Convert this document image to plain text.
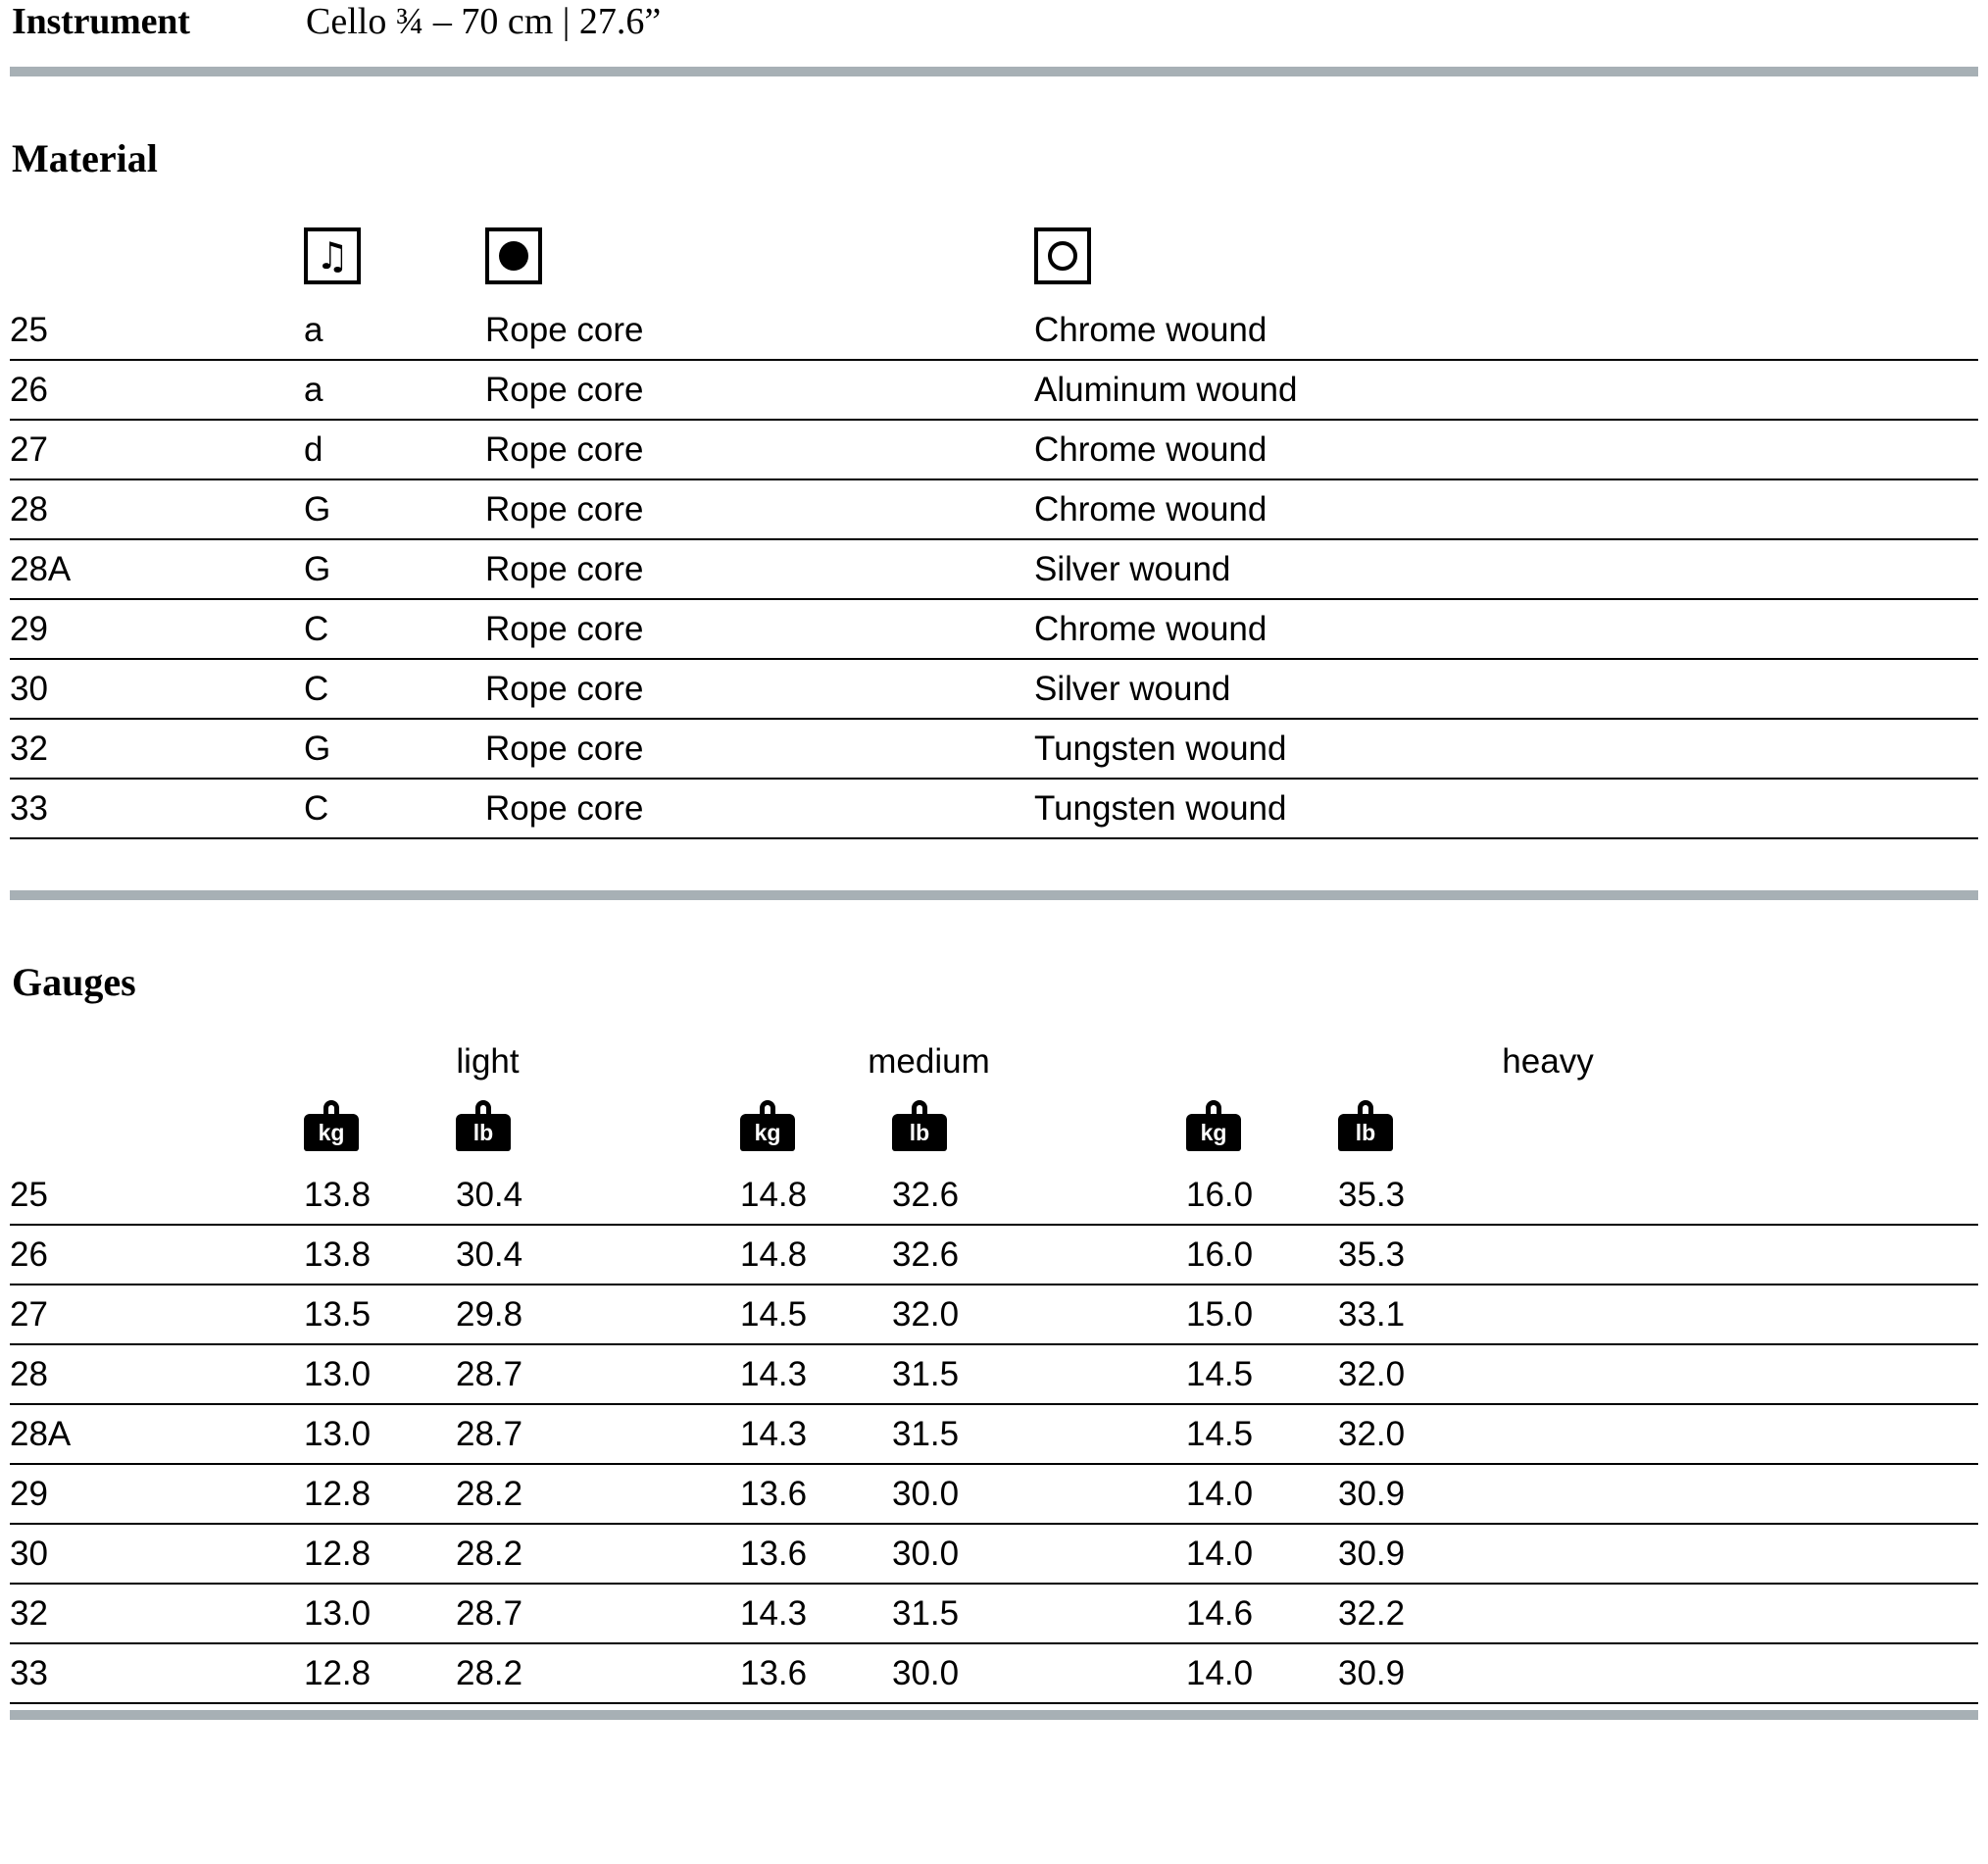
Instrument	Cello ¾ – 70 cm | 27.6”
Material
	♫		
25	a	Rope core	Chrome wound
26	a	Rope core	Aluminum wound
27	d	Rope core	Chrome wound
28	G	Rope core	Chrome wound
28A	G	Rope core	Silver wound
29	C	Rope core	Chrome wound
30	C	Rope core	Silver wound
32	G	Rope core	Tungsten wound
33	C	Rope core	Tungsten wound
Gauges
	light		medium		heavy	

	kg	lb	kg	lb	kg	lb

25	13.8	30.4	14.8	32.6	16.0	35.3
26	13.8	30.4	14.8	32.6	16.0	35.3
27	13.5	29.8	14.5	32.0	15.0	33.1
28	13.0	28.7	14.3	31.5	14.5	32.0
28A	13.0	28.7	14.3	31.5	14.5	32.0
29	12.8	28.2	13.6	30.0	14.0	30.9
30	12.8	28.2	13.6	30.0	14.0	30.9
32	13.0	28.7	14.3	31.5	14.6	32.2
33	12.8	28.2	13.6	30.0	14.0	30.9
